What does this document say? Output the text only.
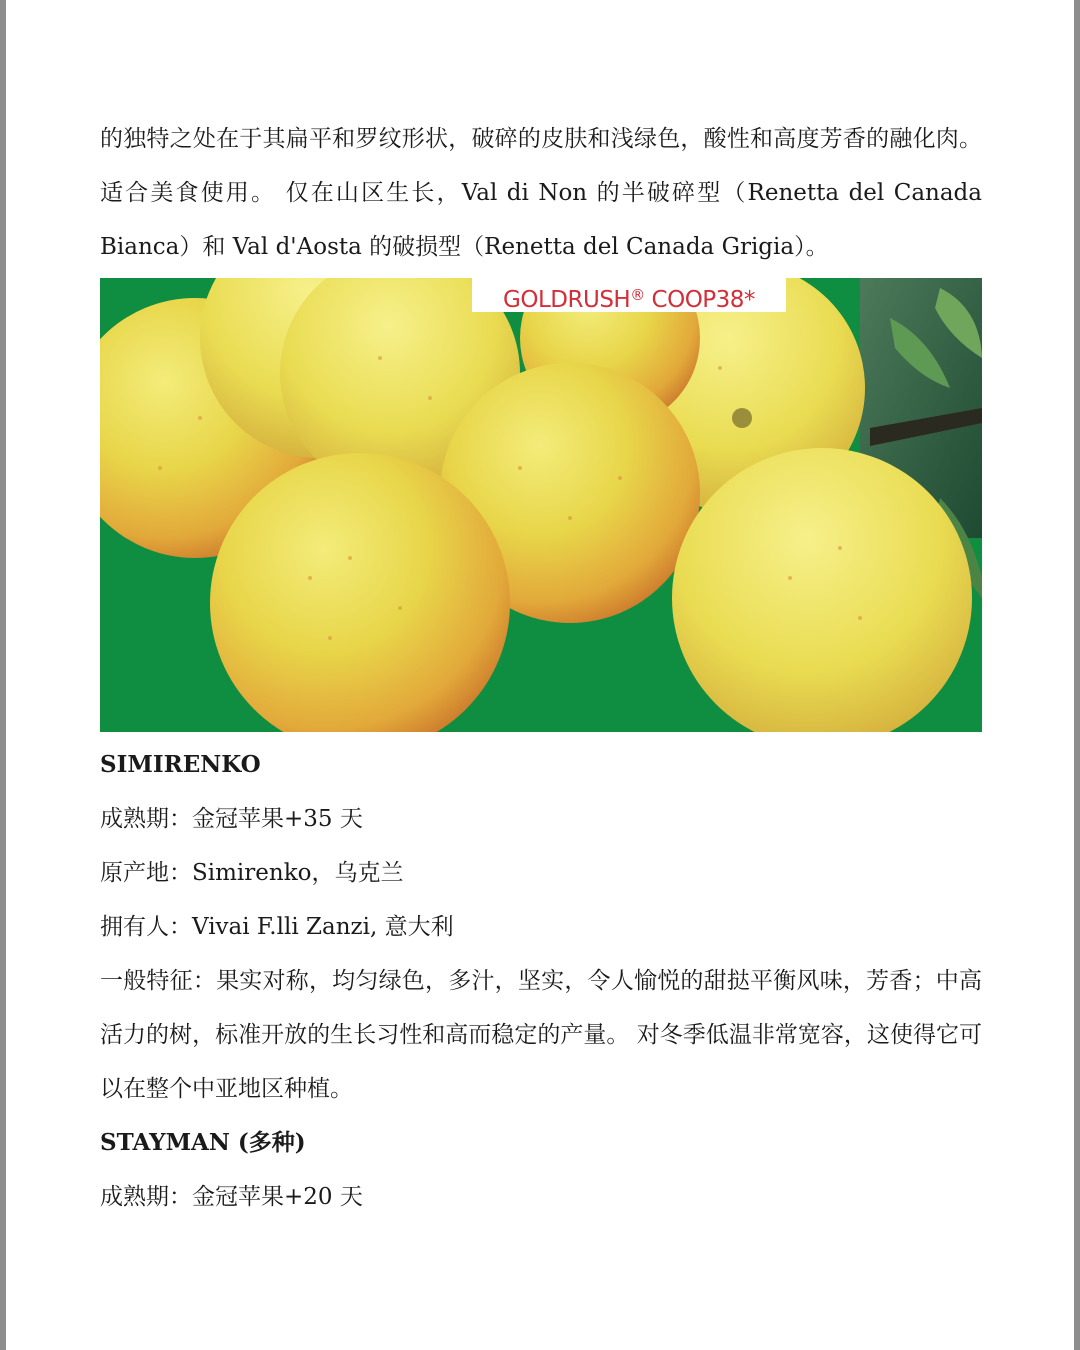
的独特之处在于其扁平和罗纹形状，破碎的皮肤和浅绿色，酸性和高度芳香的融化肉。 适合美食使用。 仅在山区生长，Val di Non 的半破碎型（Renetta del Canada Bianca）和 Val d'Aosta 的破损型（Renetta del Canada Grigia）。

GOLDRUSH® COOP38*

SIMIRENKO

成熟期：金冠苹果+35 天

原产地：Simirenko，乌克兰

拥有人：Vivai F.lli Zanzi, 意大利

一般特征：果实对称，均匀绿色，多汁，坚实，令人愉悦的甜挞平衡风味，芳香；中高活力的树，标准开放的生长习性和高而稳定的产量。 对冬季低温非常宽容，这使得它可以在整个中亚地区种植。

STAYMAN (多种)

成熟期：金冠苹果+20 天
